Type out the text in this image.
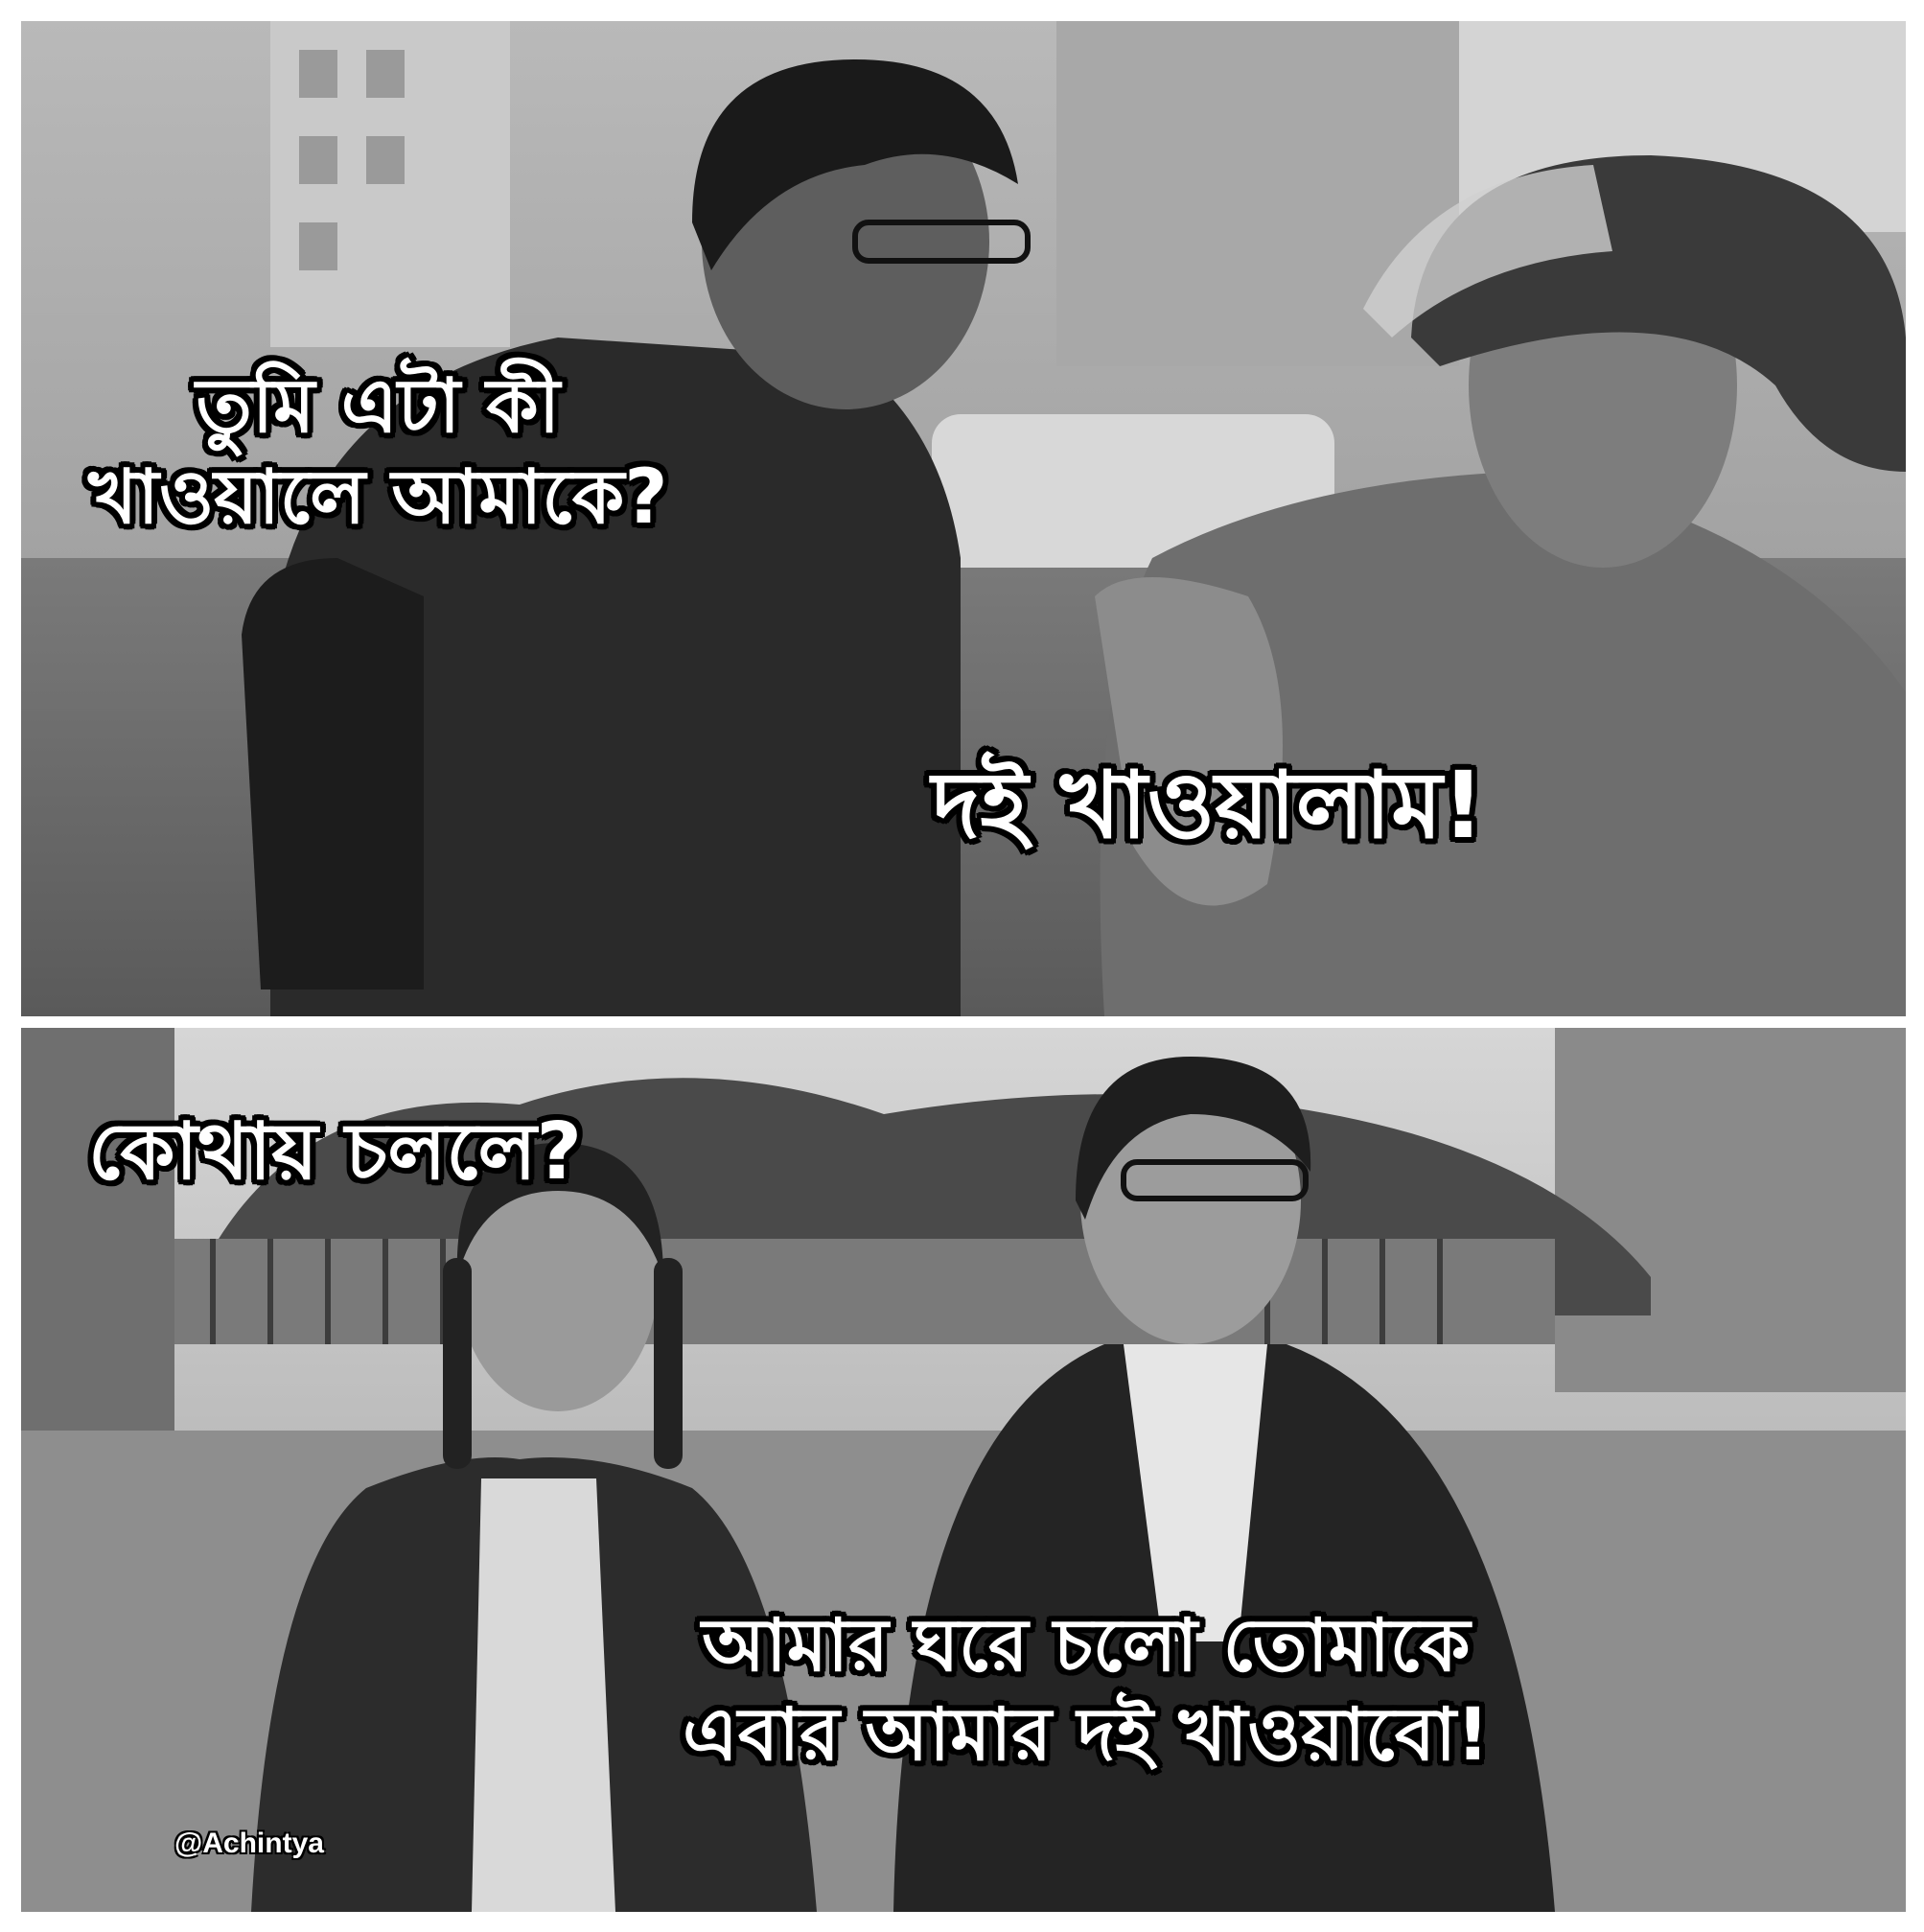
তুমি এটা কী
খাওয়ালে আমাকে?
দই খাওয়ালাম!
কোথায় চললে?
আমার ঘরে চলো তোমাকে
এবার আমার দই খাওয়াবো!
@Achintya
